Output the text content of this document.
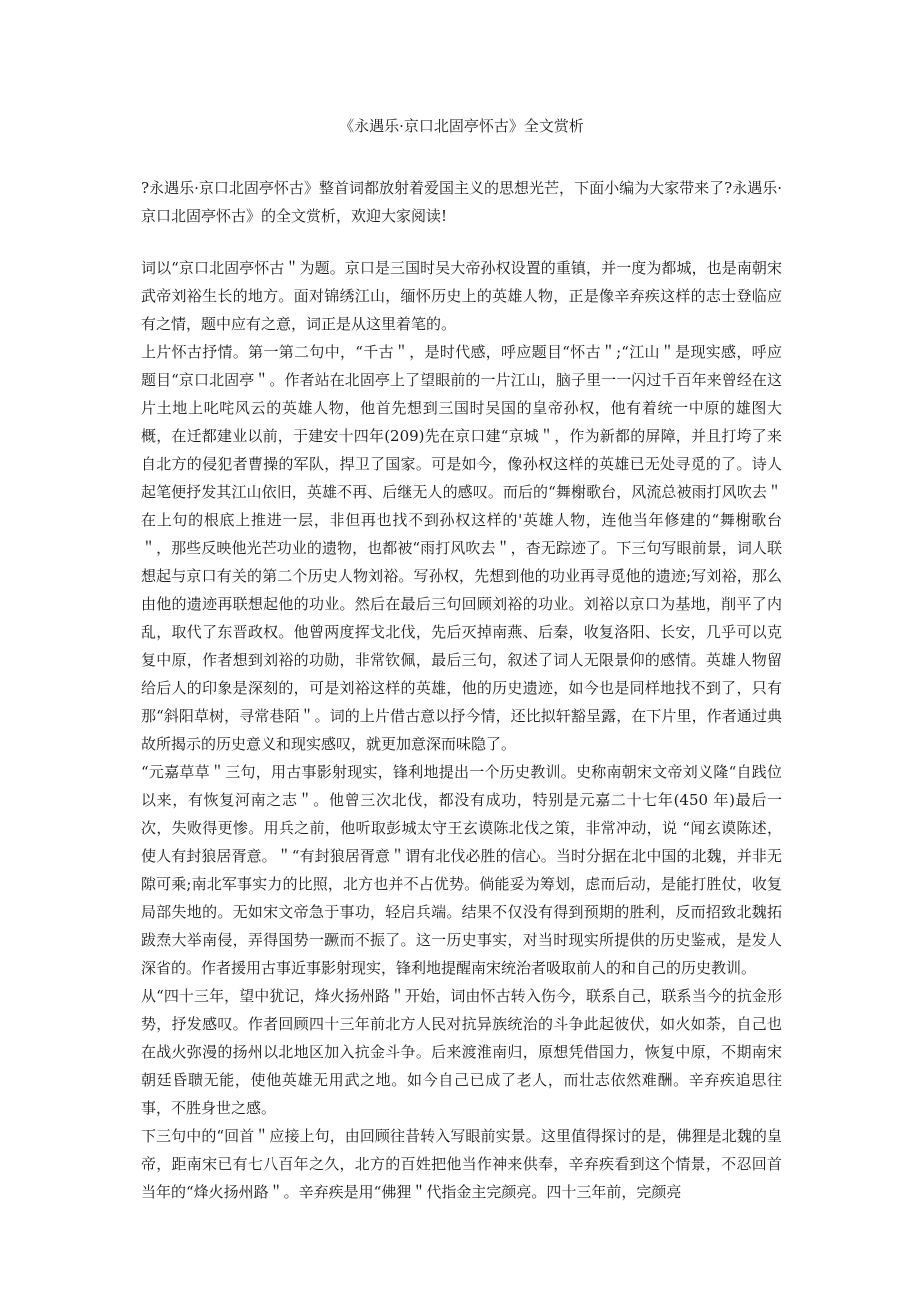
《永遇乐·京口北固亭怀古》全文赏析

?永遇乐·京口北固亭怀古》整首词都放射着爱国主义的思想光芒，下面小编为大家带来了?永遇乐·京口北固亭怀古》的全文赏析，欢迎大家阅读!

词以“京口北固亭怀古＂为题。京口是三国时吴大帝孙权设置的重镇，并一度为都城，也是南朝宋武帝刘裕生长的地方。面对锦绣江山，缅怀历史上的英雄人物，正是像辛弃疾这样的志士登临应有之情，题中应有之意，词正是从这里着笔的。

上片怀古抒情。第一第二句中，“千古＂，是时代感，呼应题目“怀古＂;“江山＂是现实感，呼应题目“京口北固亭＂。作者站在北固亭上了望眼前的一片江山，脑子里一一闪过千百年来曾经在这片土地上叱咤风云的英雄人物，他首先想到三国时吴国的皇帝孙权，他有着统一中原的雄图大概，在迁都建业以前，于建安十四年(209)先在京口建“京城＂，作为新都的屏障，并且打垮了来自北方的侵犯者曹操的军队，捍卫了国家。可是如今，像孙权这样的英雄已无处寻觅的了。诗人起笔便抒发其江山依旧，英雄不再、后继无人的感叹。而后的“舞榭歌台，风流总被雨打风吹去＂在上句的根底上推进一层，非但再也找不到孙权这样的'英雄人物，连他当年修建的“舞榭歌台＂，那些反映他光芒功业的遗物，也都被“雨打风吹去＂，杳无踪迹了。下三句写眼前景，词人联想起与京口有关的第二个历史人物刘裕。写孙权，先想到他的功业再寻觅他的遗迹;写刘裕，那么由他的遗迹再联想起他的功业。然后在最后三句回顾刘裕的功业。刘裕以京口为基地，削平了内乱，取代了东晋政权。他曾两度挥戈北伐，先后灭掉南燕、后秦，收复洛阳、长安，几乎可以克复中原，作者想到刘裕的功勋，非常钦佩，最后三句，叙述了词人无限景仰的感情。英雄人物留给后人的印象是深刻的，可是刘裕这样的英雄，他的历史遗迹，如今也是同样地找不到了，只有那“斜阳草树，寻常巷陌＂。词的上片借古意以抒今情，还比拟轩豁呈露，在下片里，作者通过典故所揭示的历史意义和现实感叹，就更加意深而味隐了。

“元嘉草草＂三句，用古事影射现实，锋利地提出一个历史教训。史称南朝宋文帝刘义隆“自践位以来，有恢复河南之志＂。他曾三次北伐，都没有成功，特别是元嘉二十七年(450 年)最后一次，失败得更惨。用兵之前，他听取彭城太守王玄谟陈北伐之策，非常冲动，说 “闻玄谟陈述，使人有封狼居胥意。＂“有封狼居胥意＂谓有北伐必胜的信心。当时分据在北中国的北魏，并非无隙可乘;南北军事实力的比照，北方也并不占优势。倘能妥为筹划，虑而后动，是能打胜仗，收复局部失地的。无如宋文帝急于事功，轻启兵端。结果不仅没有得到预期的胜利，反而招致北魏拓跋焘大举南侵，弄得国势一蹶而不振了。这一历史事实，对当时现实所提供的历史鉴戒，是发人深省的。作者援用古事近事影射现实，锋利地提醒南宋统治者吸取前人的和自己的历史教训。

从“四十三年，望中犹记，烽火扬州路＂开始，词由怀古转入伤今，联系自己，联系当今的抗金形势，抒发感叹。作者回顾四十三年前北方人民对抗异族统治的斗争此起彼伏，如火如荼，自己也在战火弥漫的扬州以北地区加入抗金斗争。后来渡淮南归，原想凭借国力，恢复中原，不期南宋朝廷昏聩无能，使他英雄无用武之地。如今自己已成了老人，而壮志依然难酬。辛弃疾追思往事，不胜身世之感。

下三句中的“回首＂应接上句，由回顾往昔转入写眼前实景。这里值得探讨的是，佛狸是北魏的皇帝，距南宋已有七八百年之久，北方的百姓把他当作神来供奉，辛弃疾看到这个情景，不忍回首当年的“烽火扬州路＂。辛弃疾是用“佛狸＂代指金主完颜亮。四十三年前，完颜亮
